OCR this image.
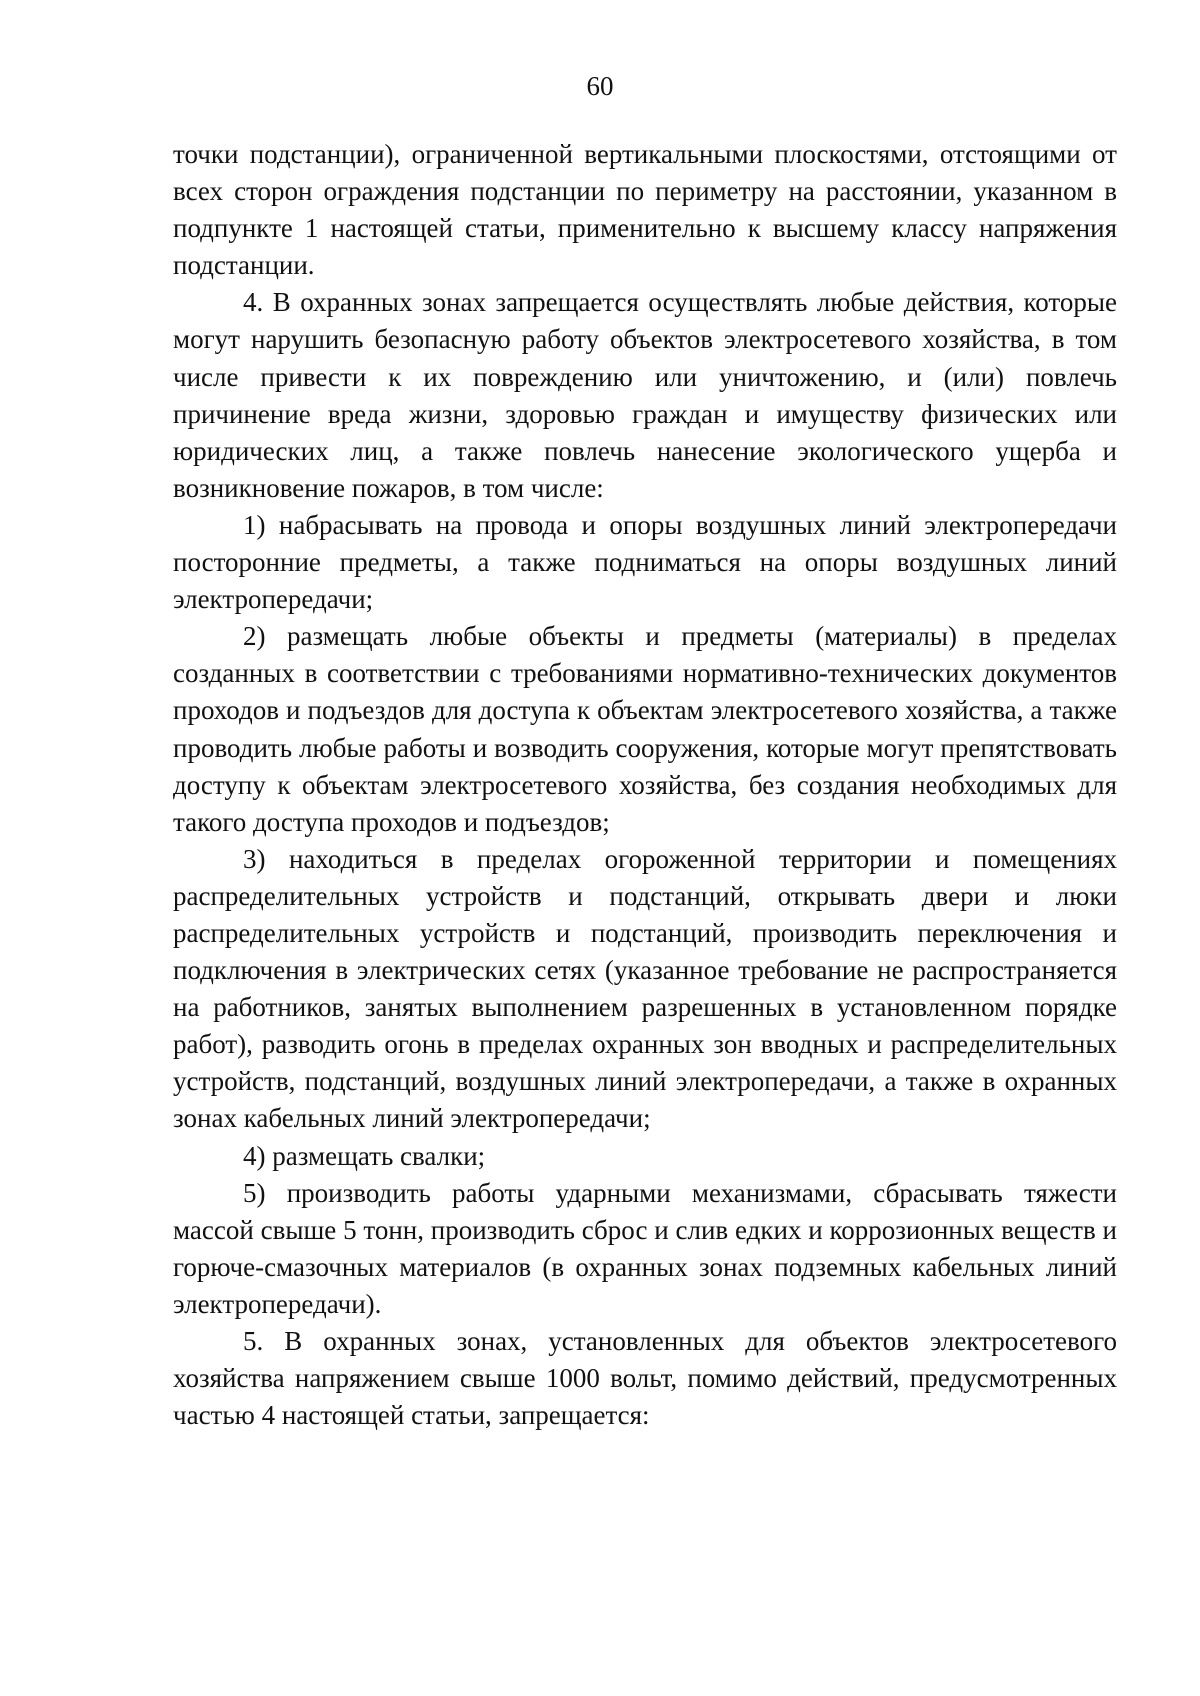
60

точки подстанции), ограниченной вертикальными плоскостями, отстоящими от всех сторон ограждения подстанции по периметру на расстоянии, указанном в подпункте 1 настоящей статьи, применительно к высшему классу напряжения подстанции.

4. В охранных зонах запрещается осуществлять любые действия, которые могут нарушить безопасную работу объектов электросетевого хозяйства, в том числе привести к их повреждению или уничтожению, и (или) повлечь причинение вреда жизни, здоровью граждан и имуществу физических или юридических лиц, а также повлечь нанесение экологического ущерба и возникновение пожаров, в том числе:

1) набрасывать на провода и опоры воздушных линий электропередачи посторонние предметы, а также подниматься на опоры воздушных линий электропередачи;

2) размещать любые объекты и предметы (материалы) в пределах созданных в соответствии с требованиями нормативно-технических документов проходов и подъездов для доступа к объектам электросетевого хозяйства, а также проводить любые работы и возводить сооружения, которые могут препятствовать доступу к объектам электросетевого хозяйства, без создания необходимых для такого доступа проходов и подъездов;

3) находиться в пределах огороженной территории и помещениях распределительных устройств и подстанций, открывать двери и люки распределительных устройств и подстанций, производить переключения и подключения в электрических сетях (указанное требование не распространяется на работников, занятых выполнением разрешенных в установленном порядке работ), разводить огонь в пределах охранных зон вводных и распределительных устройств, подстанций, воздушных линий электропередачи, а также в охранных зонах кабельных линий электропередачи;

4) размещать свалки;

5) производить работы ударными механизмами, сбрасывать тяжести массой свыше 5 тонн, производить сброс и слив едких и коррозионных веществ и горюче-смазочных материалов (в охранных зонах подземных кабельных линий электропередачи).

5. В охранных зонах, установленных для объектов электросетевого хозяйства напряжением свыше 1000 вольт, помимо действий, предусмотренных частью 4 настоящей статьи, запрещается:
